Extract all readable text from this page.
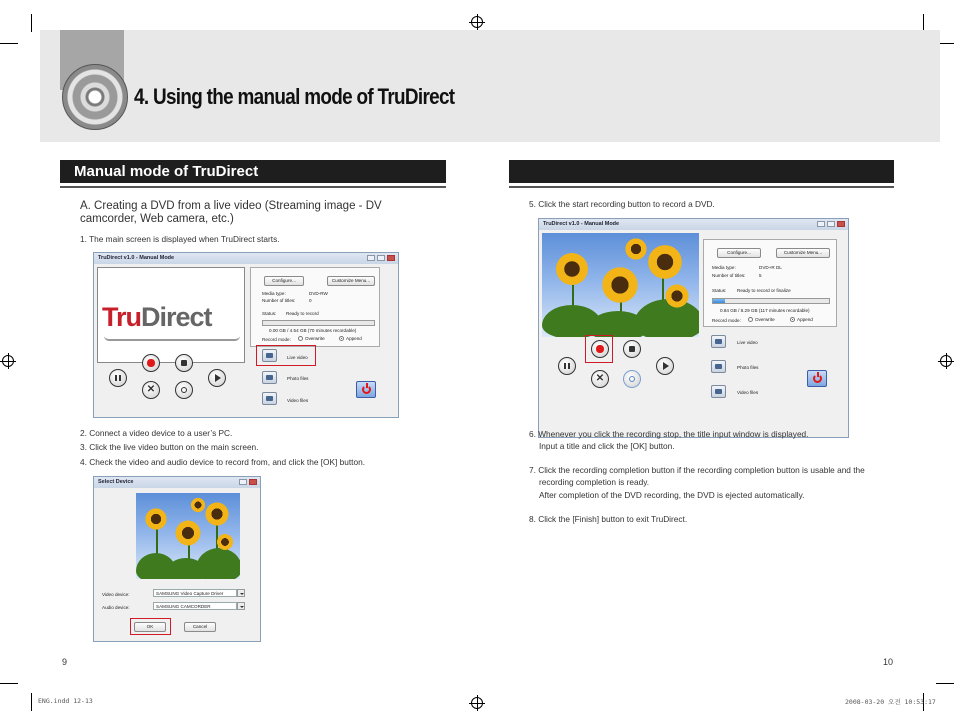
4. Using the manual mode of TruDirect
Manual mode of TruDirect
A. Creating a DVD from a live video (Streaming image - DV camcorder, Web camera, etc.)
1. The main screen is displayed when TruDirect starts.
TruDirect v1.0 - Manual Mode
TruDirect
Configure...	Customize Menu...
Media type:	DVD-RW
Number of titles:	0
Status: Ready to record
0.00 GB / 4.54 GB (70 minutes recordable)
Record mode:	Overwrite	Append
✕
Live video
Photo files
Video files
2. Connect a video device to a user’s PC.
3. Click the live video button on the main screen.
4. Check the video and audio device to record from, and click the [OK] button.
Select Device
Video device:	SAMSUNG Video Capture Driver
Audio device:	SAMSUNG CAMCORDER
OK	Cancel
9
5. Click the start recording button to record a DVD.
TruDirect v1.0 - Manual Mode
Configure...	Customize Menu...
Media type:	DVD+R DL
Number of titles:	5
Status: Ready to record or finalize
0.84 GB / 8.29 GB (117 minutes recordable)
Record mode:	Overwrite	Append
✕
Live video
Photo files
Video files
6. Whenever you click the recording stop, the title input window is displayed.
Input a title and click the [OK] button.
7. Click the recording completion button if the recording completion button is usable and the
recording completion is ready.
After completion of the DVD recording, the DVD is ejected automatically.
8. Click the [Finish] button to exit TruDirect.
10
ENG.indd 12-13	2008-03-20 오전 10:53:17
